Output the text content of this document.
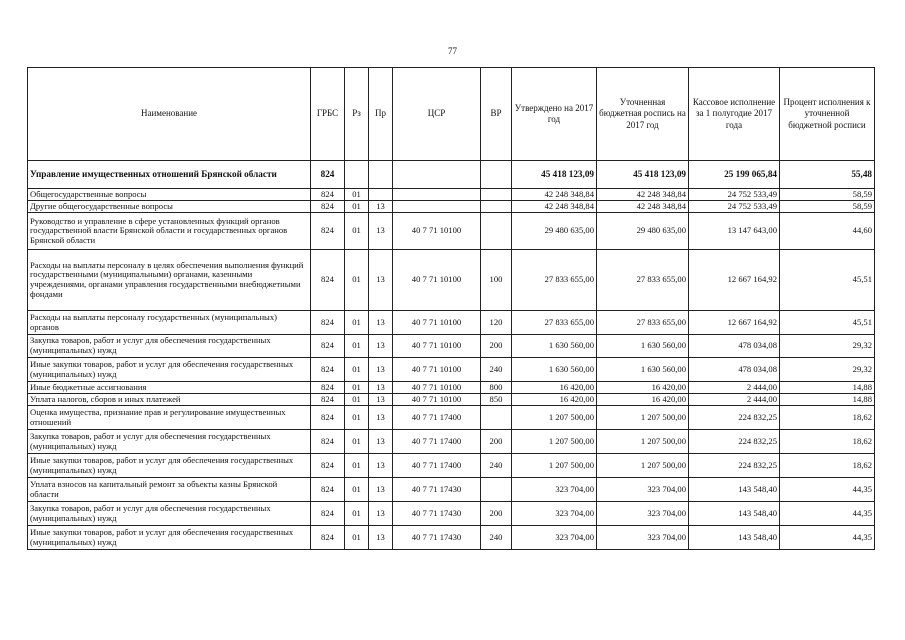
77
Наименование	ГРБС	Рз	Пр	ЦСР	ВР	Утверждено на 2017 год	Уточненная бюджетная роспись на 2017 год	Кассовое исполнение за 1 полугодие 2017 года	Процент исполнения к уточненной бюджетной росписи
Управление имущественных отношений Брянской области	824					45 418 123,09	45 418 123,09	25 199 065,84	55,48
Общегосударственные вопросы	824	01				42 248 348,84	42 248 348,84	24 752 533,49	58,59
Другие общегосударственные вопросы	824	01	13			42 248 348,84	42 248 348,84	24 752 533,49	58,59
Руководство и управление в сфере установленных функций органов государственной власти Брянской области и государственных органов Брянской области	824	01	13	40 7 71 10100		29 480 635,00	29 480 635,00	13 147 643,00	44,60
Расходы на выплаты персоналу в целях обеспечения выполнения функций государственными (муниципальными) органами, казенными учреждениями, органами управления государственными внебюджетными фондами	824	01	13	40 7 71 10100	100	27 833 655,00	27 833 655,00	12 667 164,92	45,51
Расходы на выплаты персоналу государственных (муниципальных) органов	824	01	13	40 7 71 10100	120	27 833 655,00	27 833 655,00	12 667 164,92	45,51
Закупка товаров, работ и услуг для обеспечения государственных (муниципальных) нужд	824	01	13	40 7 71 10100	200	1 630 560,00	1 630 560,00	478 034,08	29,32
Иные закупки товаров, работ и услуг для обеспечения государственных (муниципальных) нужд	824	01	13	40 7 71 10100	240	1 630 560,00	1 630 560,00	478 034,08	29,32
Иные бюджетные ассигнования	824	01	13	40 7 71 10100	800	16 420,00	16 420,00	2 444,00	14,88
Уплата налогов, сборов и иных платежей	824	01	13	40 7 71 10100	850	16 420,00	16 420,00	2 444,00	14,88
Оценка имущества, признание прав и регулирование имущественных отношений	824	01	13	40 7 71 17400		1 207 500,00	1 207 500,00	224 832,25	18,62
Закупка товаров, работ и услуг для обеспечения государственных (муниципальных) нужд	824	01	13	40 7 71 17400	200	1 207 500,00	1 207 500,00	224 832,25	18,62
Иные закупки товаров, работ и услуг для обеспечения государственных (муниципальных) нужд	824	01	13	40 7 71 17400	240	1 207 500,00	1 207 500,00	224 832,25	18,62
Уплата взносов на капитальный ремонт за объекты казны Брянской области	824	01	13	40 7 71 17430		323 704,00	323 704,00	143 548,40	44,35
Закупка товаров, работ и услуг для обеспечения государственных (муниципальных) нужд	824	01	13	40 7 71 17430	200	323 704,00	323 704,00	143 548,40	44,35
Иные закупки товаров, работ и услуг для обеспечения государственных (муниципальных) нужд	824	01	13	40 7 71 17430	240	323 704,00	323 704,00	143 548,40	44,35
